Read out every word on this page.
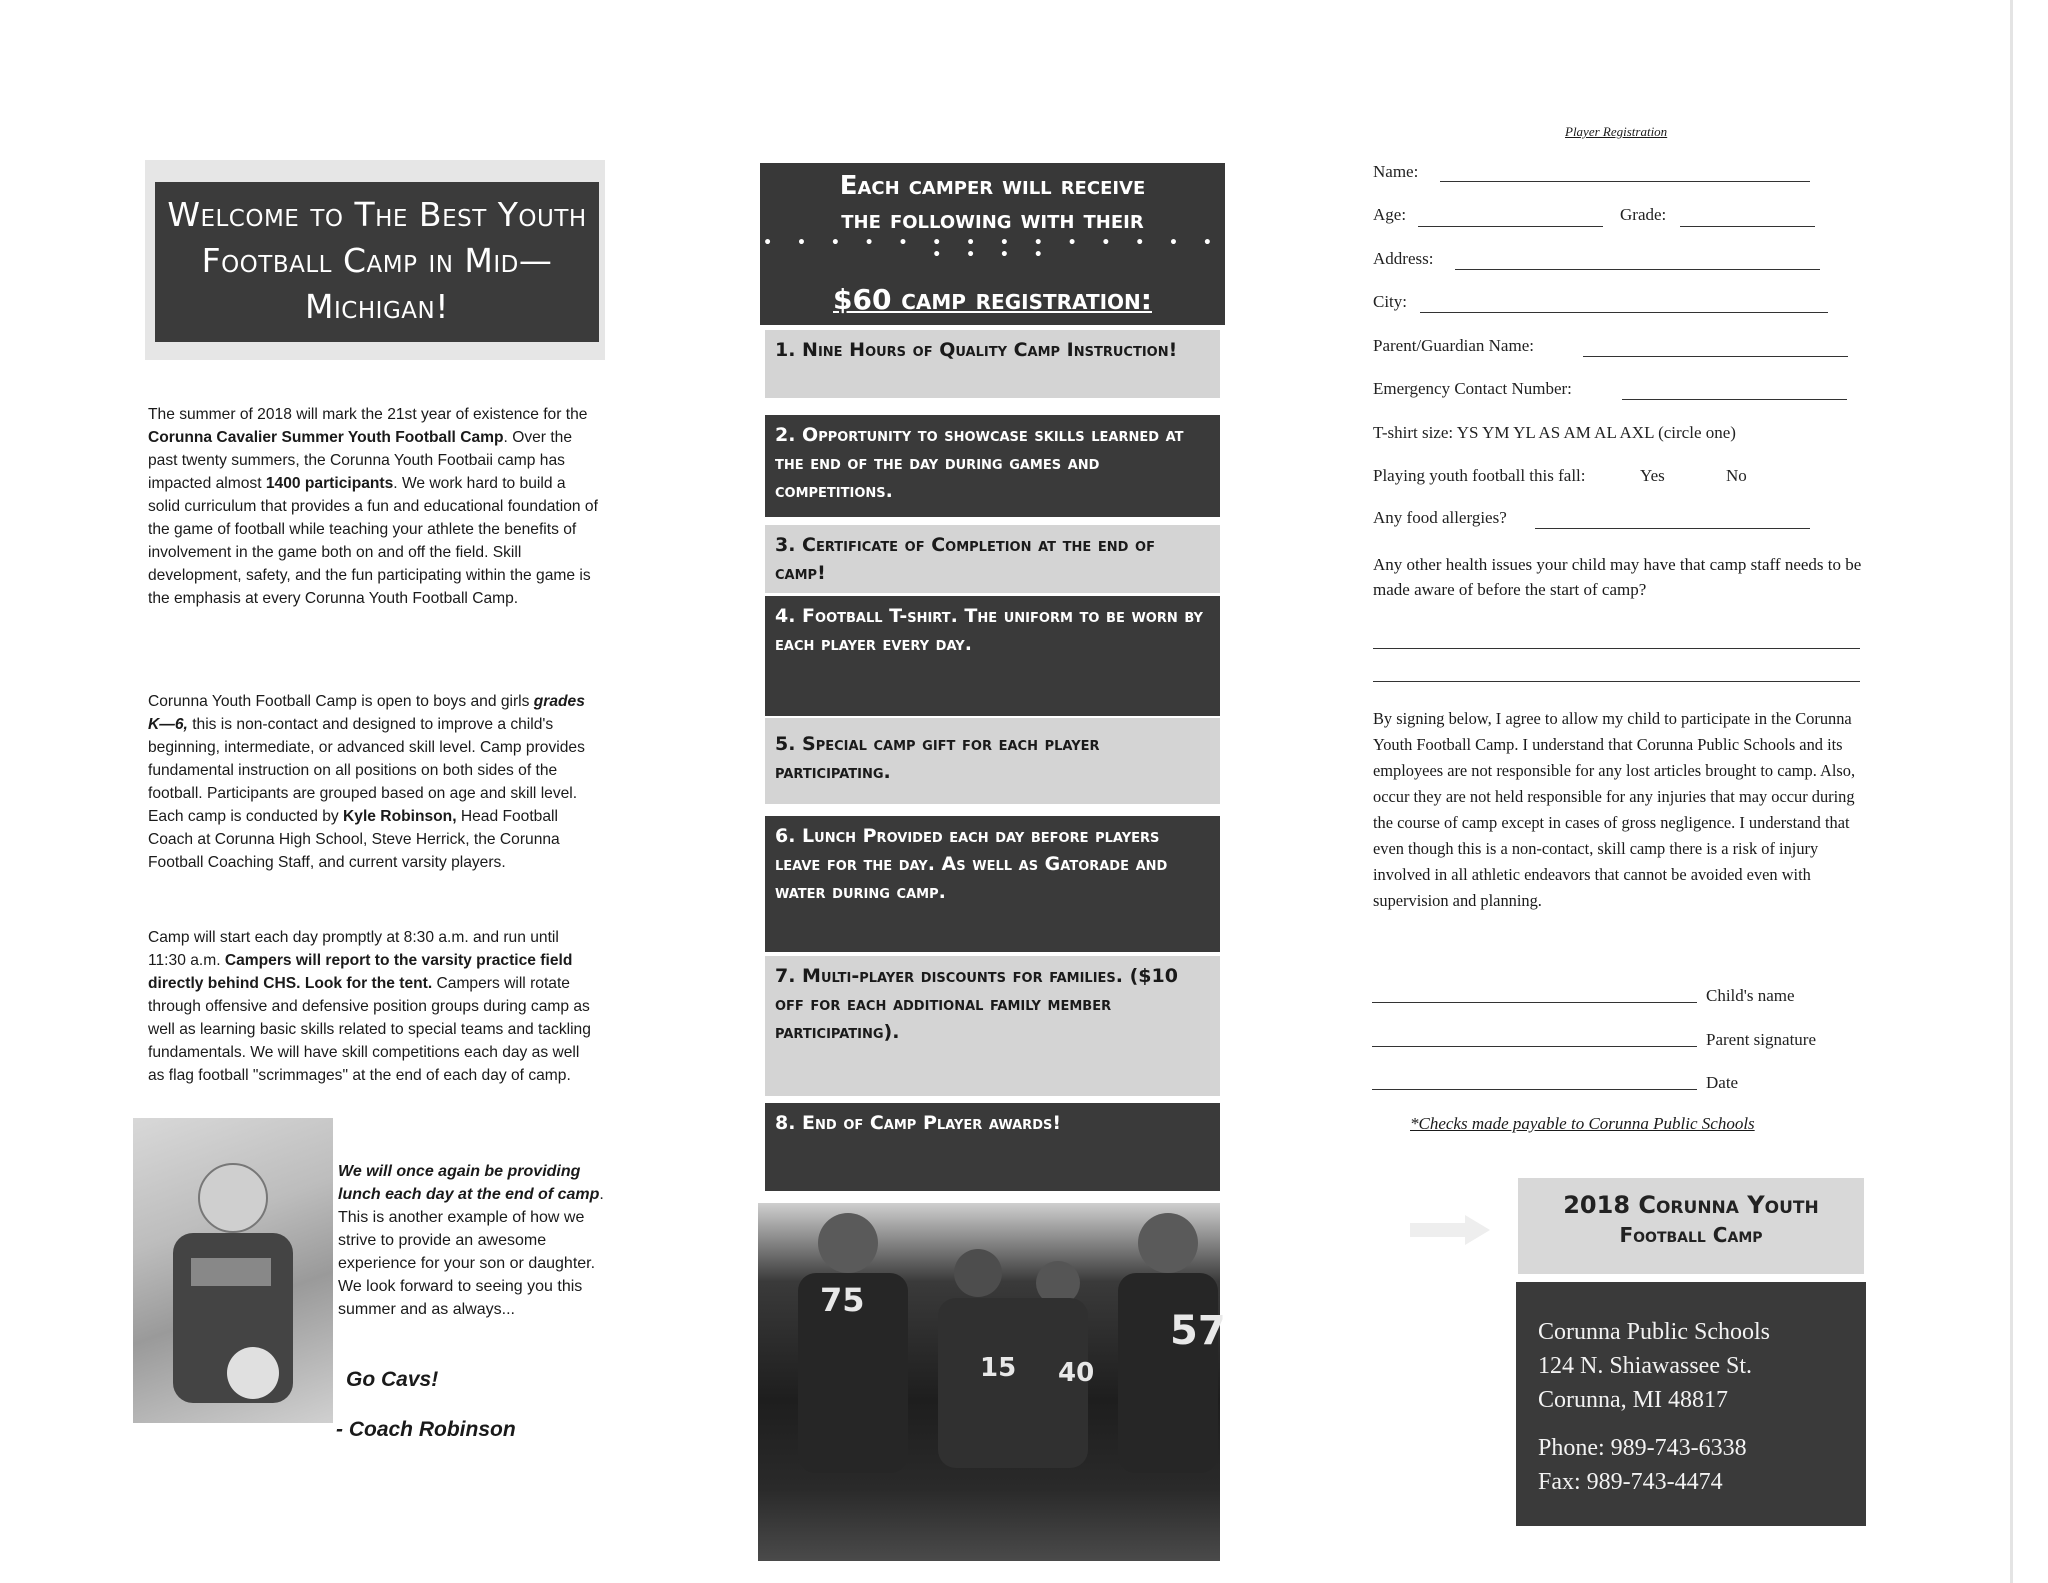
Welcome to The Best Youth Football Camp in Mid—Michigan!

The summer of 2018 will mark the 21st year of existence for the Corunna Cavalier Summer Youth Football Camp. Over the past twenty summers, the Corunna Youth Footbaii camp has impacted almost 1400 participants. We work hard to build a solid curriculum that provides a fun and educational foundation of the game of football while teaching your athlete the benefits of involvement in the game both on and off the field. Skill development, safety, and the fun participating within the game is the emphasis at every Corunna Youth Football Camp.

Corunna Youth Football Camp is open to boys and girls grades K—6, this is non-contact and designed to improve a child's beginning, intermediate, or advanced skill level. Camp provides fundamental instruction on all positions on both sides of the football. Participants are grouped based on age and skill level. Each camp is conducted by Kyle Robinson, Head Football Coach at Corunna High School, Steve Herrick, the Corunna Football Coaching Staff, and current varsity players.

Camp will start each day promptly at 8:30 a.m. and run until 11:30 a.m. Campers will report to the varsity practice field directly behind CHS. Look for the tent. Campers will rotate through offensive and defensive position groups during camp as well as learning basic skills related to special teams and tackling fundamentals. We will have skill competitions each day as well as flag football "scrimmages" at the end of each day of camp.

We will once again be providing lunch each day at the end of camp. This is another example of how we strive to provide an awesome experience for your son or daughter. We look forward to seeing you this summer and as always...

Go Cavs!
- Coach Robinson
Each camper will receive
the following with their
• • • • • • • • • • • • • • • • • •
$60 camp registration:
1. Nine Hours of Quality Camp Instruction!
2. Opportunity to showcase skills learned at the end of the day during games and competitions.
3. Certificate of Completion at the end of camp!
4. Football T-shirt. The uniform to be worn by each player every day.
5. Special camp gift for each player participating.
6. Lunch Provided each day before players leave for the day. As well as Gatorade and water during camp.
7. Multi-player discounts for families. ($10 off for each additional family member participating).
8. End of Camp Player awards!
75
57
15 40
Player Registration
Name:
Age:	Grade:
Address:
City:
Parent/Guardian Name:
Emergency Contact Number:
T-shirt size: YS YM YL AS AM AL AXL (circle one)
Playing youth football this fall:	Yes	No
Any food allergies?
Any other health issues your child may have that camp staff needs to be made aware of before the start of camp?
By signing below, I agree to allow my child to participate in the Corunna Youth Football Camp. I understand that Corunna Public Schools and its employees are not responsible for any lost articles brought to camp. Also, occur they are not held responsible for any injuries that may occur during the course of camp except in cases of gross negligence. I understand that even though this is a non-contact, skill camp there is a risk of injury involved in all athletic endeavors that cannot be avoided even with supervision and planning.
Child's name
Parent signature
Date
*Checks made payable to Corunna Public Schools
2018 Corunna Youth
Football Camp
Corunna Public Schools
124 N. Shiawassee St.
Corunna, MI 48817
Phone: 989-743-6338
Fax: 989-743-4474
